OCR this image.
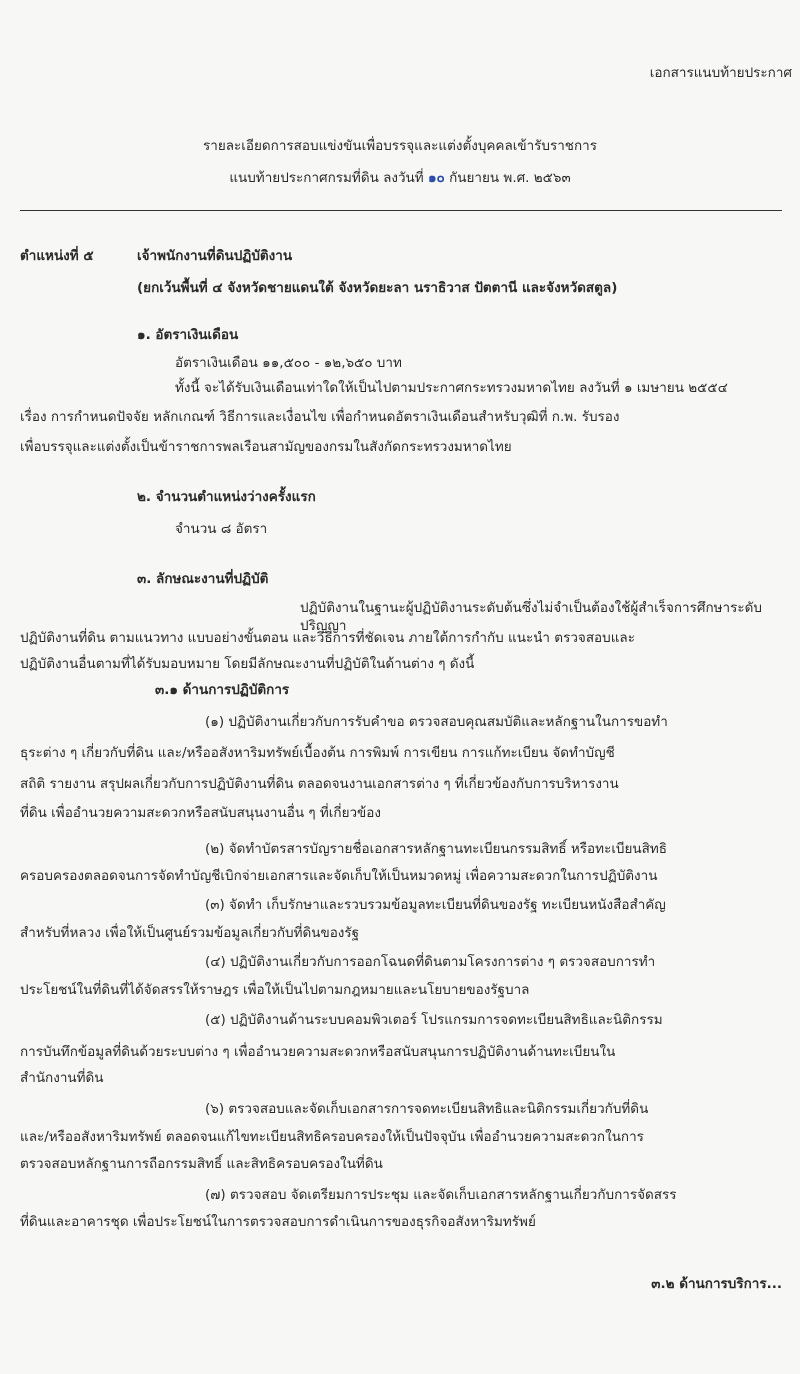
เอกสารแนบท้ายประกาศ
รายละเอียดการสอบแข่งขันเพื่อบรรจุและแต่งตั้งบุคคลเข้ารับราชการ
แนบท้ายประกาศกรมที่ดิน ลงวันที่ ๑๐ กันยายน พ.ศ. ๒๕๖๓
ตำแหน่งที่ ๕	เจ้าพนักงานที่ดินปฏิบัติงาน
(ยกเว้นพื้นที่ ๔ จังหวัดชายแดนใต้ จังหวัดยะลา นราธิวาส ปัตตานี และจังหวัดสตูล)
๑. อัตราเงินเดือน
อัตราเงินเดือน ๑๑,๕๐๐ - ๑๒,๖๕๐ บาท
ทั้งนี้ จะได้รับเงินเดือนเท่าใดให้เป็นไปตามประกาศกระทรวงมหาดไทย ลงวันที่ ๑ เมษายน ๒๕๕๔
เรื่อง การกำหนดปัจจัย หลักเกณฑ์ วิธีการและเงื่อนไข เพื่อกำหนดอัตราเงินเดือนสำหรับวุฒิที่ ก.พ. รับรอง
เพื่อบรรจุและแต่งตั้งเป็นข้าราชการพลเรือนสามัญของกรมในสังกัดกระทรวงมหาดไทย
๒. จำนวนตำแหน่งว่างครั้งแรก
จำนวน ๘ อัตรา
๓. ลักษณะงานที่ปฏิบัติ
ปฏิบัติงานในฐานะผู้ปฏิบัติงานระดับต้นซึ่งไม่จำเป็นต้องใช้ผู้สำเร็จการศึกษาระดับปริญญา
ปฏิบัติงานที่ดิน ตามแนวทาง แบบอย่างขั้นตอน และวิธีการที่ชัดเจน ภายใต้การกำกับ แนะนำ ตรวจสอบและ
ปฏิบัติงานอื่นตามที่ได้รับมอบหมาย โดยมีลักษณะงานที่ปฏิบัติในด้านต่าง ๆ ดังนี้
๓.๑ ด้านการปฏิบัติการ
(๑) ปฏิบัติงานเกี่ยวกับการรับคำขอ ตรวจสอบคุณสมบัติและหลักฐานในการขอทำ
ธุระต่าง ๆ เกี่ยวกับที่ดิน และ/หรืออสังหาริมทรัพย์เบื้องต้น การพิมพ์ การเขียน การแก้ทะเบียน จัดทำบัญชี
สถิติ รายงาน สรุปผลเกี่ยวกับการปฏิบัติงานที่ดิน ตลอดจนงานเอกสารต่าง ๆ ที่เกี่ยวข้องกับการบริหารงาน
ที่ดิน เพื่ออำนวยความสะดวกหรือสนับสนุนงานอื่น ๆ ที่เกี่ยวข้อง
(๒) จัดทำบัตรสารบัญรายชื่อเอกสารหลักฐานทะเบียนกรรมสิทธิ์ หรือทะเบียนสิทธิ
ครอบครองตลอดจนการจัดทำบัญชีเบิกจ่ายเอกสารและจัดเก็บให้เป็นหมวดหมู่ เพื่อความสะดวกในการปฏิบัติงาน
(๓) จัดทำ เก็บรักษาและรวบรวมข้อมูลทะเบียนที่ดินของรัฐ ทะเบียนหนังสือสำคัญ
สำหรับที่หลวง เพื่อให้เป็นศูนย์รวมข้อมูลเกี่ยวกับที่ดินของรัฐ
(๔) ปฏิบัติงานเกี่ยวกับการออกโฉนดที่ดินตามโครงการต่าง ๆ ตรวจสอบการทำ
ประโยชน์ในที่ดินที่ได้จัดสรรให้ราษฎร เพื่อให้เป็นไปตามกฎหมายและนโยบายของรัฐบาล
(๕) ปฏิบัติงานด้านระบบคอมพิวเตอร์ โปรแกรมการจดทะเบียนสิทธิและนิติกรรม
การบันทึกข้อมูลที่ดินด้วยระบบต่าง ๆ เพื่ออำนวยความสะดวกหรือสนับสนุนการปฏิบัติงานด้านทะเบียนใน
สำนักงานที่ดิน
(๖) ตรวจสอบและจัดเก็บเอกสารการจดทะเบียนสิทธิและนิติกรรมเกี่ยวกับที่ดิน
และ/หรืออสังหาริมทรัพย์ ตลอดจนแก้ไขทะเบียนสิทธิครอบครองให้เป็นปัจจุบัน เพื่ออำนวยความสะดวกในการ
ตรวจสอบหลักฐานการถือกรรมสิทธิ์ และสิทธิครอบครองในที่ดิน
(๗) ตรวจสอบ จัดเตรียมการประชุม และจัดเก็บเอกสารหลักฐานเกี่ยวกับการจัดสรร
ที่ดินและอาคารชุด เพื่อประโยชน์ในการตรวจสอบการดำเนินการของธุรกิจอสังหาริมทรัพย์
๓.๒ ด้านการบริการ...
